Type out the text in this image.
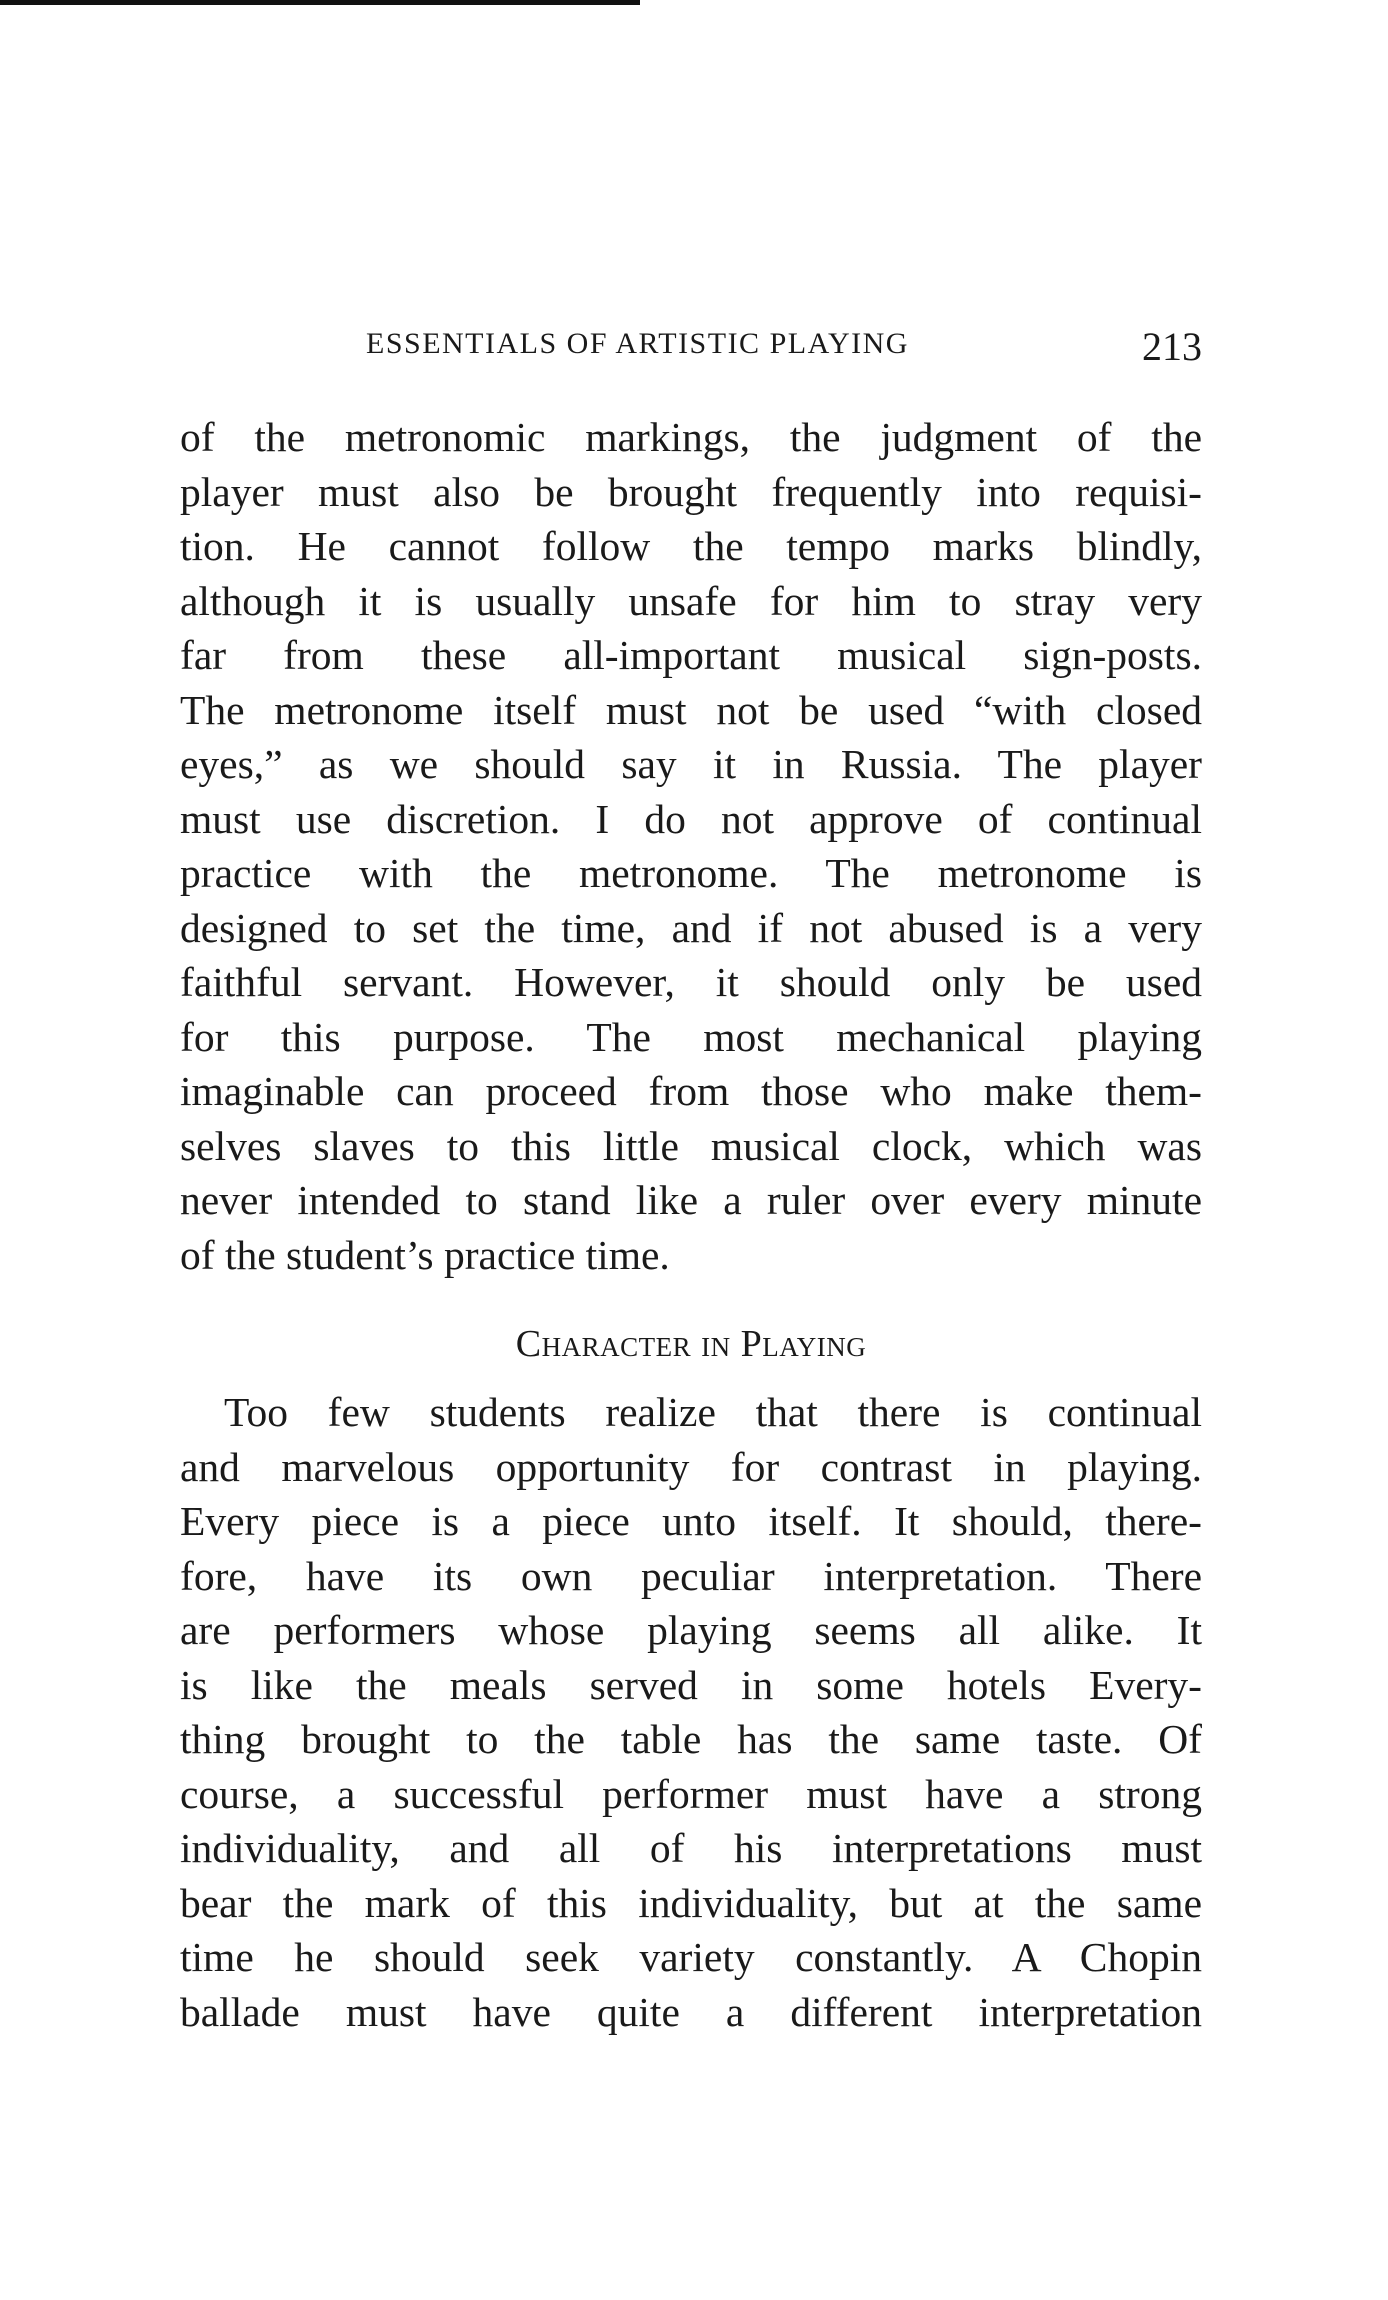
ESSENTIALS OF ARTISTIC PLAYING	213
of the metronomic markings, the judgment of the
player must also be brought frequently into requisi-
tion. He cannot follow the tempo marks blindly,
although it is usually unsafe for him to stray very
far from these all-important musical sign-posts.
The metronome itself must not be used “with closed
eyes,” as we should say it in Russia. The player
must use discretion. I do not approve of continual
practice with the metronome. The metronome is
designed to set the time, and if not abused is a very
faithful servant. However, it should only be used
for this purpose. The most mechanical playing
imaginable can proceed from those who make them-
selves slaves to this little musical clock, which was
never intended to stand like a ruler over every minute
of the student’s practice time.
Character in Playing
Too few students realize that there is continual
and marvelous opportunity for contrast in playing.
Every piece is a piece unto itself. It should, there-
fore, have its own peculiar interpretation. There
are performers whose playing seems all alike. It
is like the meals served in some hotels Every-
thing brought to the table has the same taste. Of
course, a successful performer must have a strong
individuality, and all of his interpretations must
bear the mark of this individuality, but at the same
time he should seek variety constantly. A Chopin
ballade must have quite a different interpretation
